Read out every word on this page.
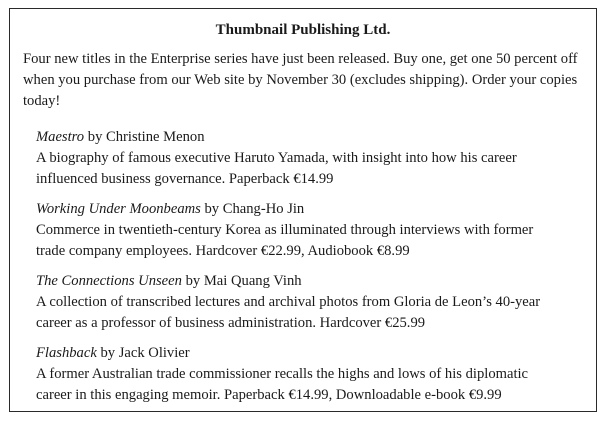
Thumbnail Publishing Ltd.

Four new titles in the Enterprise series have just been released. Buy one, get one 50 percent off when you purchase from our Web site by November 30 (excludes shipping). Order your copies today!

Maestro by Christine Menon
A biography of famous executive Haruto Yamada, with insight into how his career
influenced business governance. Paperback €14.99
Working Under Moonbeams by Chang-Ho Jin
Commerce in twentieth-century Korea as illuminated through interviews with former
trade company employees. Hardcover €22.99, Audiobook €8.99
The Connections Unseen by Mai Quang Vinh
A collection of transcribed lectures and archival photos from Gloria de Leon’s 40-year
career as a professor of business administration. Hardcover €25.99
Flashback by Jack Olivier
A former Australian trade commissioner recalls the highs and lows of his diplomatic
career in this engaging memoir. Paperback €14.99, Downloadable e-book €9.99
